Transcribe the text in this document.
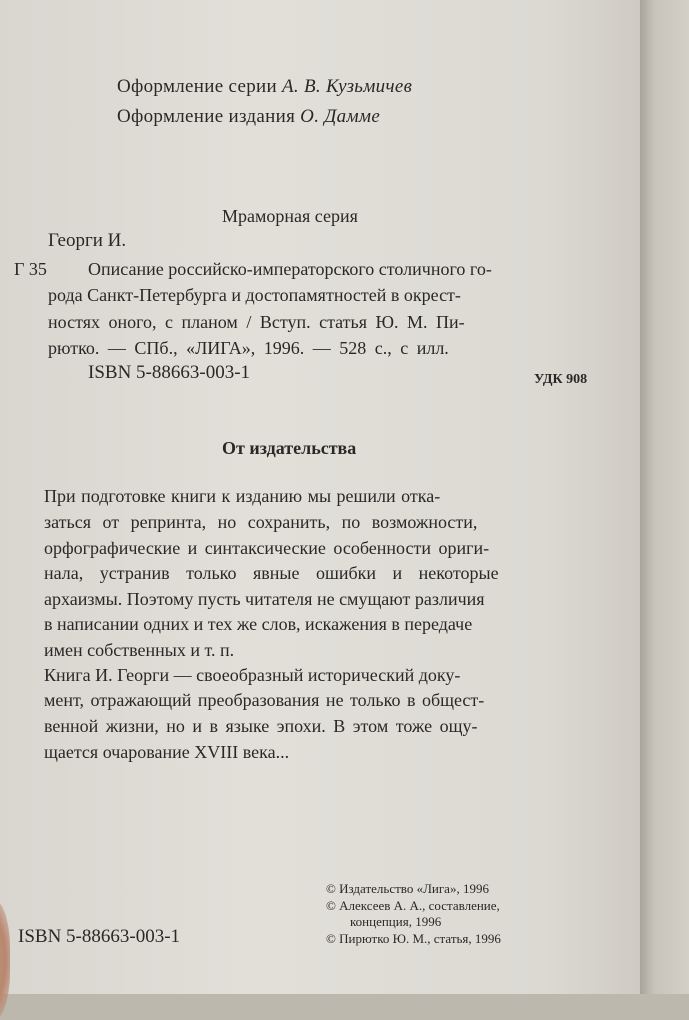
Оформление серии А. В. Кузьмичев
Оформление издания О. Дамме
Мраморная серия
Георги И.
Г 35 Описание российско-императорского столичного го-
рода Санкт-Петербурга и достопамятностей в окрест-
ностях оного, с планом / Вступ. статья Ю. М. Пи-
рютко. — СПб., «ЛИГА», 1996. — 528 с., с илл.
ISBN 5-88663-003-1	УДК 908
От издательства
При подготовке книги к изданию мы решили отка-
заться от репринта, но сохранить, по возможности,
орфографические и синтаксические особенности ориги-
нала, устранив только явные ошибки и некоторые
архаизмы. Поэтому пусть читателя не смущают различия
в написании одних и тех же слов, искажения в передаче
имен собственных и т. п.
Книга И. Георги — своеобразный исторический доку-
мент, отражающий преобразования не только в общест-
венной жизни, но и в языке эпохи. В этом тоже ощу-
щается очарование XVIII века...
© Издательство «Лига», 1996
© Алексеев А. А., составление,
концепция, 1996
© Пирютко Ю. М., статья, 1996
ISBN 5-88663-003-1
